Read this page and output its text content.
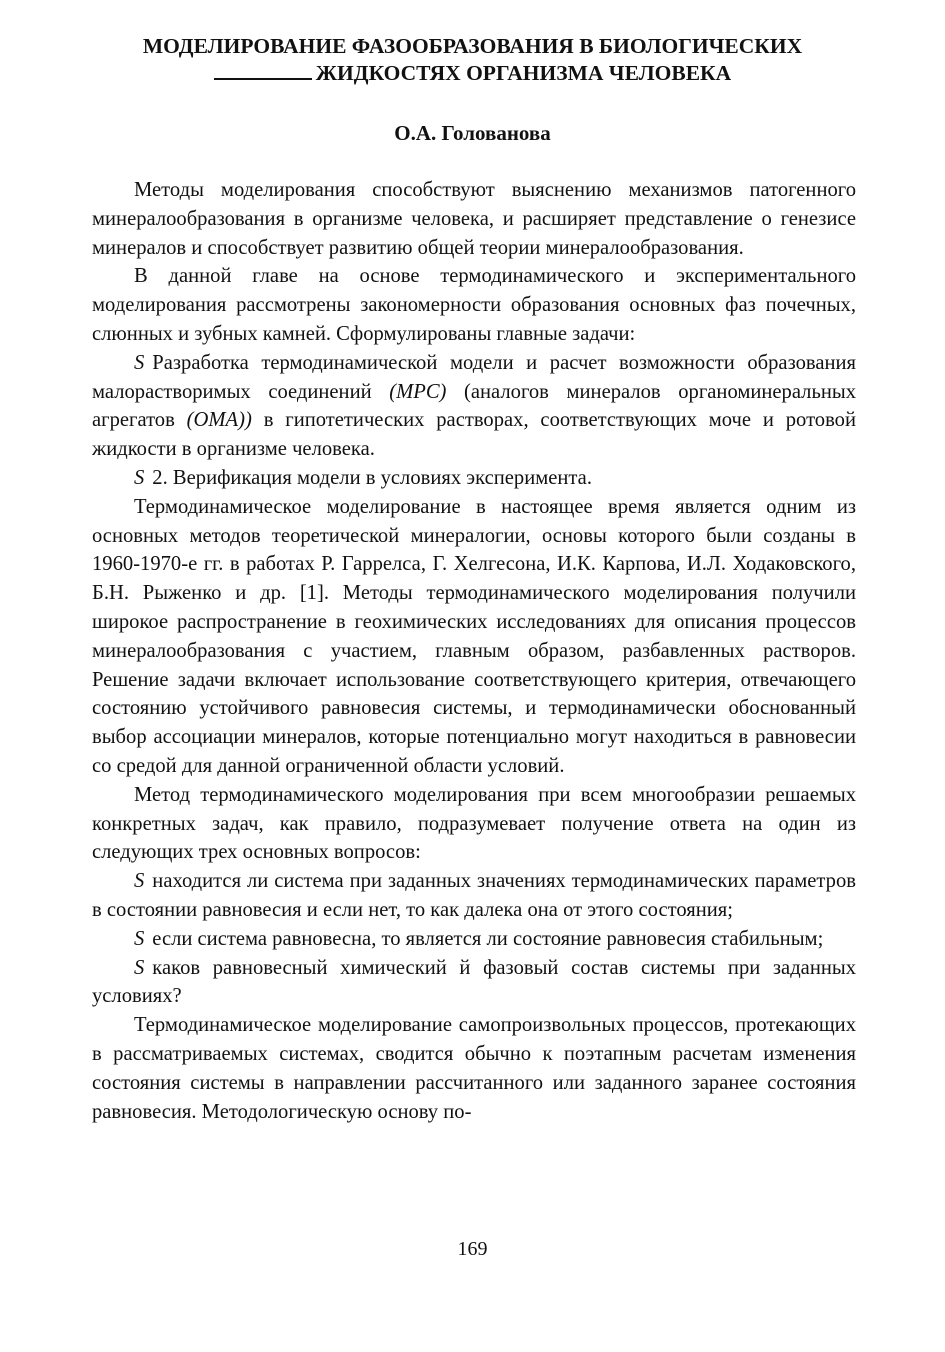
МОДЕЛИРОВАНИЕ ФАЗООБРАЗОВАНИЯ В БИОЛОГИЧЕСКИХ
ЖИДКОСТЯХ ОРГАНИЗМА ЧЕЛОВЕКА
О.А. Голованова

Методы моделирования способствуют выяснению механизмов патогенного минералообразования в организме человека, и расширяет представление о генезисе минералов и способствует развитию общей теории минералообразования.

В данной главе на основе термодинамического и экспериментального моделирования рассмотрены закономерности образования основных фаз почечных, слюнных и зубных камней. Сформулированы главные задачи:

S Разработка термодинамической модели и расчет возможности образования малорастворимых соединений (МРС) (аналогов минералов органоминеральных агрегатов (ОМА)) в гипотетических растворах, соответствующих моче и ротовой жидкости в организме человека.

S 2. Верификация модели в условиях эксперимента.

Термодинамическое моделирование в настоящее время является одним из основных методов теоретической минералогии, основы которого были созданы в 1960-1970-е гг. в работах Р. Гаррелса, Г. Хелгесона, И.К. Карпова, И.Л. Ходаковского, Б.Н. Рыженко и др. [1]. Методы термодинамического моделирования получили широкое распространение в геохимических исследованиях для описания процессов минералообразования с участием, главным образом, разбавленных растворов. Решение задачи включает использование соответствующего критерия, отвечающего состоянию устойчивого равновесия системы, и термодинамически обоснованный выбор ассоциации минералов, которые потенциально могут находиться в равновесии со средой для данной ограниченной области условий.

Метод термодинамического моделирования при всем многообразии решаемых конкретных задач, как правило, подразумевает получение ответа на один из следующих трех основных вопросов:

S находится ли система при заданных значениях термодинамических параметров в состоянии равновесия и если нет, то как далека она от этого состояния;

S если система равновесна, то является ли состояние равновесия стабильным;

S каков равновесный химический й фазовый состав системы при заданных условиях?

Термодинамическое моделирование самопроизвольных процессов, протекающих в рассматриваемых системах, сводится обычно к поэтапным расчетам изменения состояния системы в направлении рассчитанного или заданного заранее состояния равновесия. Методологическую основу по-

169
